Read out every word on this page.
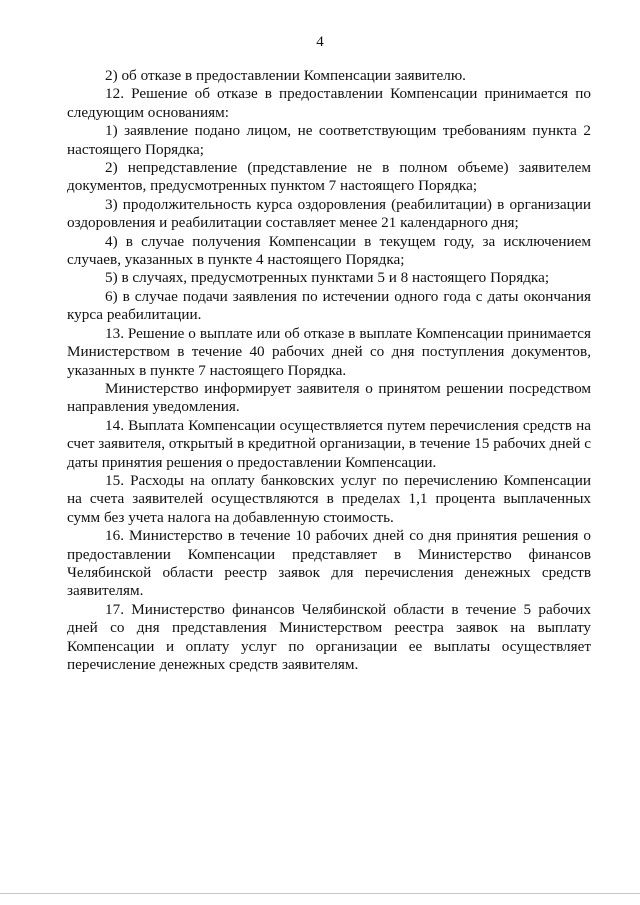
4

2) об отказе в предоставлении Компенсации заявителю.

12. Решение об отказе в предоставлении Компенсации принимается по следующим основаниям:

1) заявление подано лицом, не соответствующим требованиям пункта 2 настоящего Порядка;

2) непредставление (представление не в полном объеме) заявителем документов, предусмотренных пунктом 7 настоящего Порядка;

3) продолжительность курса оздоровления (реабилитации) в организации оздоровления и реабилитации составляет менее 21 календарного дня;

4) в случае получения Компенсации в текущем году, за исключением случаев, указанных в пункте 4 настоящего Порядка;

5) в случаях, предусмотренных пунктами 5 и 8 настоящего Порядка;

6) в случае подачи заявления по истечении одного года с даты окончания курса реабилитации.

13. Решение о выплате или об отказе в выплате Компенсации принимается Министерством в течение 40 рабочих дней со дня поступления документов, указанных в пункте 7 настоящего Порядка.

Министерство информирует заявителя о принятом решении посредством направления уведомления.

14. Выплата Компенсации осуществляется путем перечисления средств на счет заявителя, открытый в кредитной организации, в течение 15 рабочих дней с даты принятия решения о предоставлении Компенсации.

15. Расходы на оплату банковских услуг по перечислению Компенсации на счета заявителей осуществляются в пределах 1,1 процента выплаченных сумм без учета налога на добавленную стоимость.

16. Министерство в течение 10 рабочих дней со дня принятия решения о предоставлении Компенсации представляет в Министерство финансов Челябинской области реестр заявок для перечисления денежных средств заявителям.

17. Министерство финансов Челябинской области в течение 5 рабочих дней со дня представления Министерством реестра заявок на выплату Компенсации и оплату услуг по организации ее выплаты осуществляет перечисление денежных средств заявителям.
